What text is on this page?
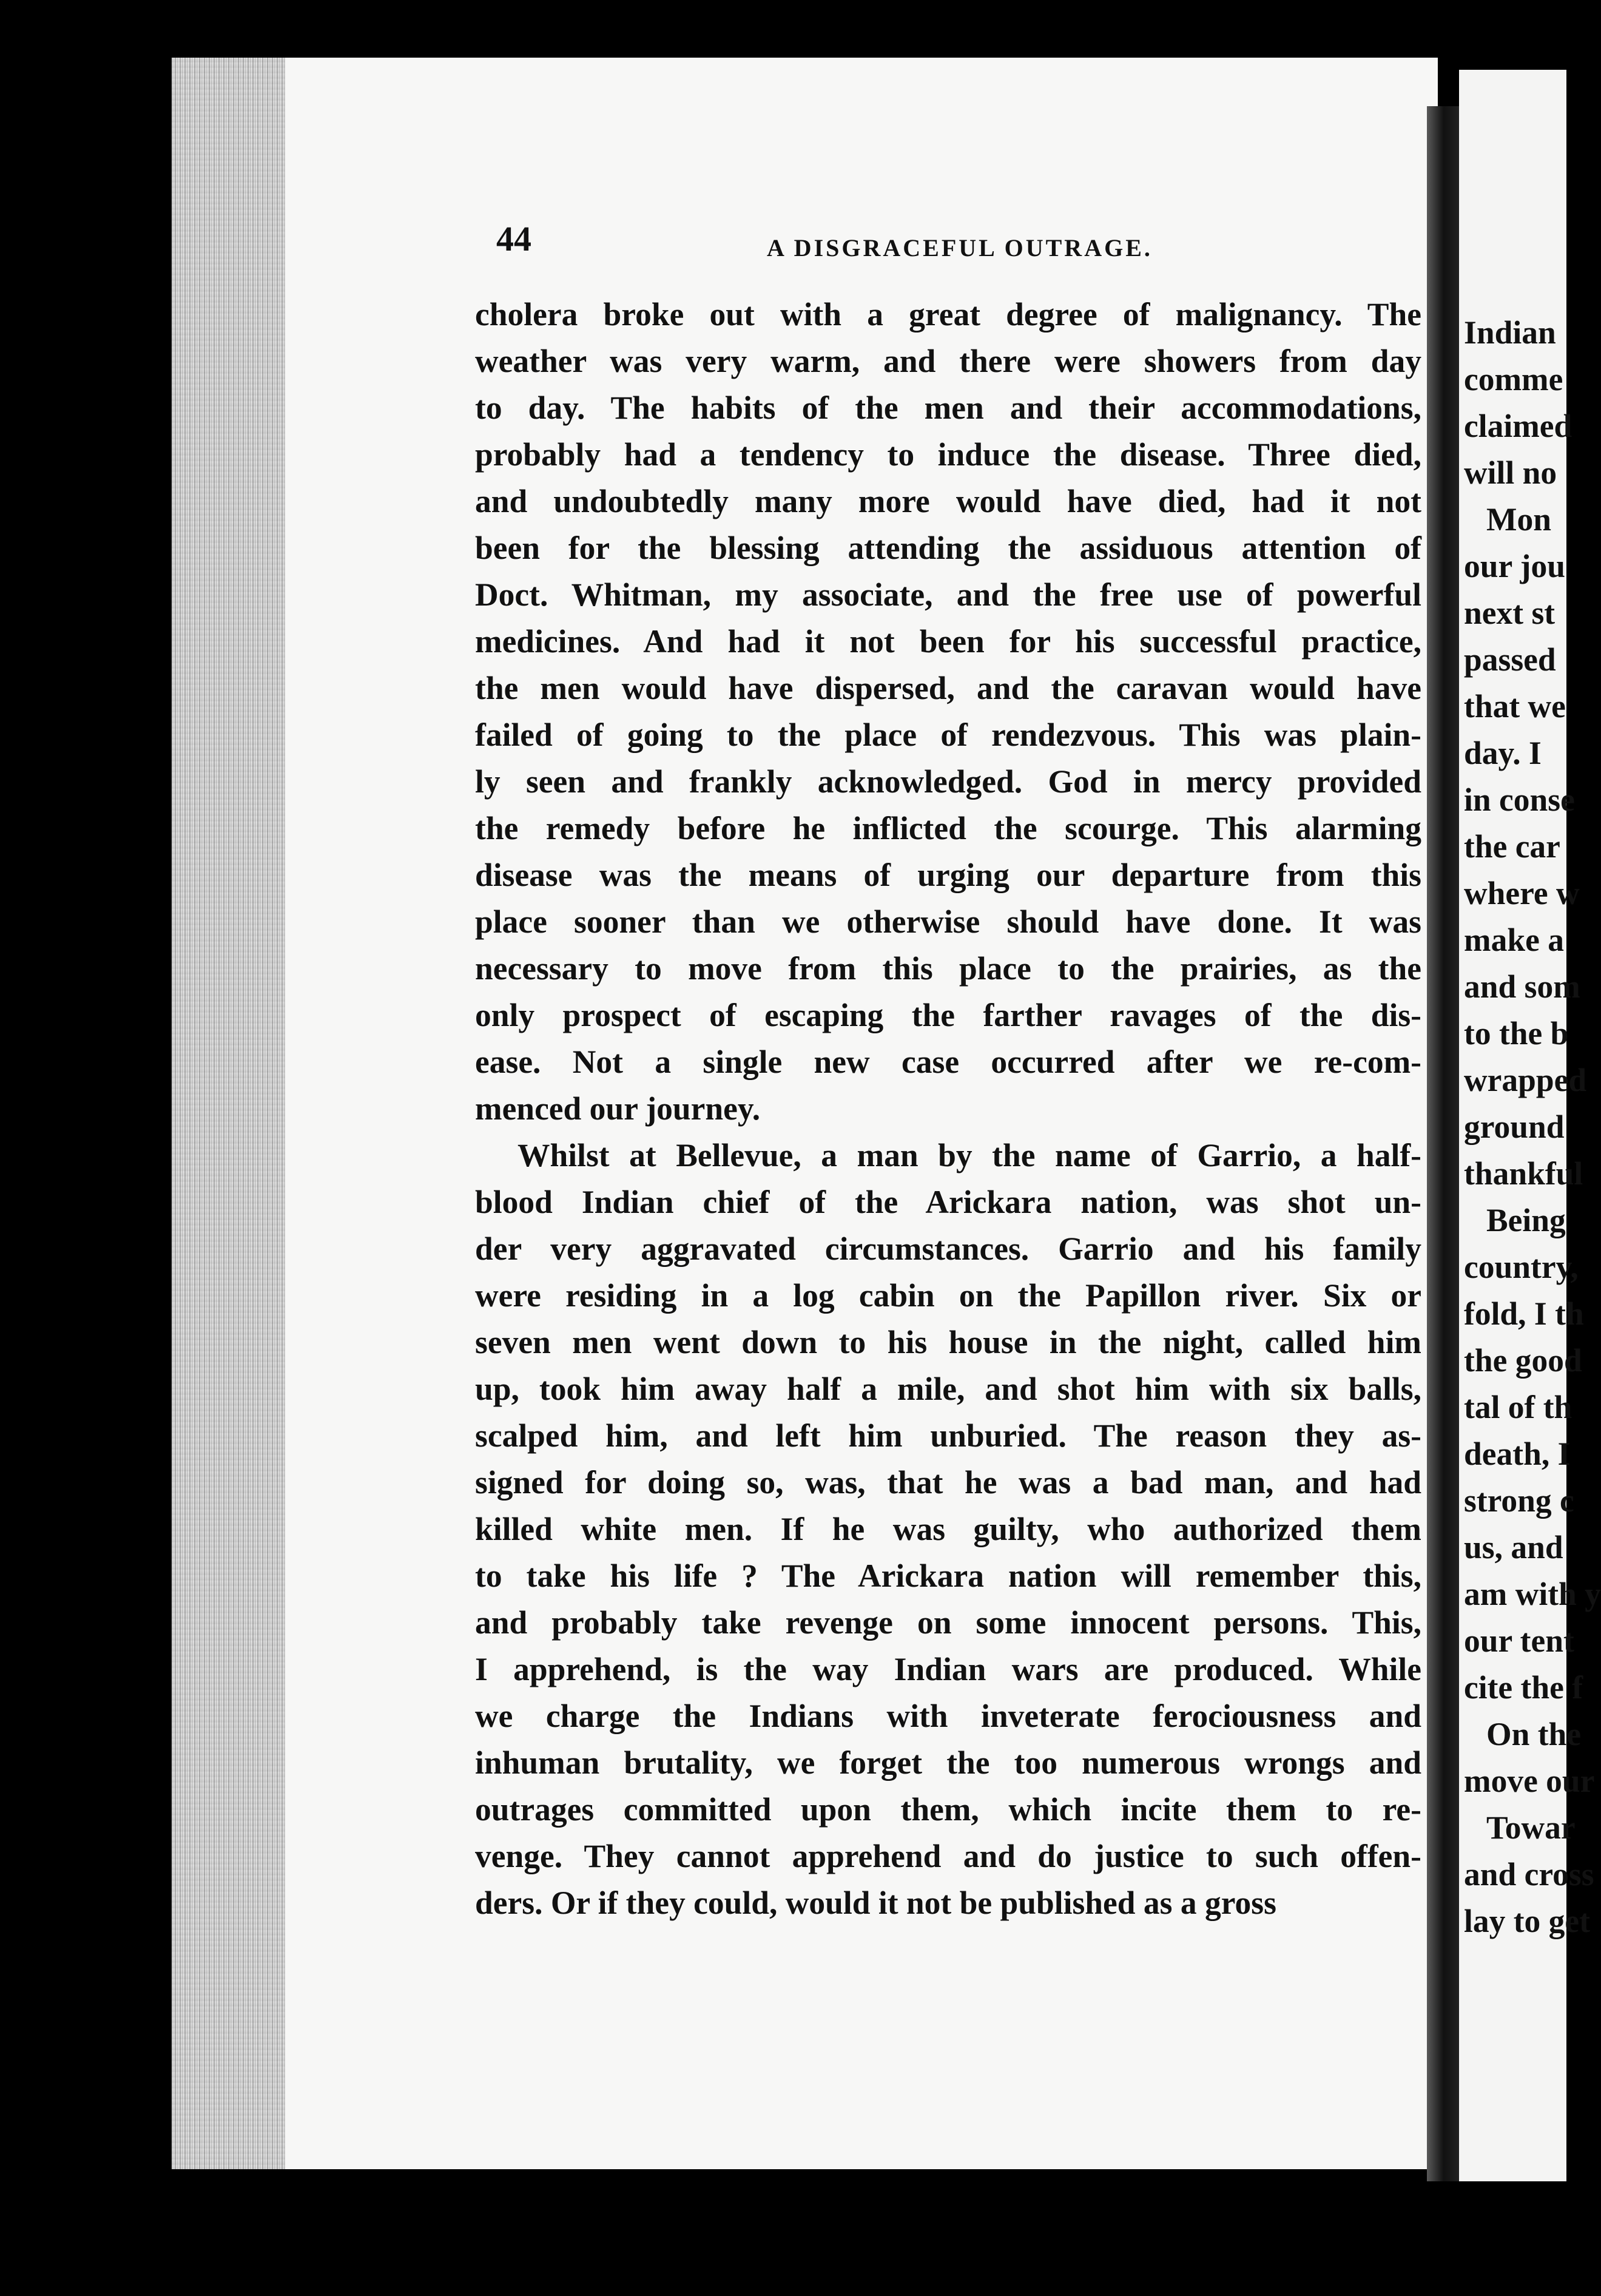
Indian
comme
claimed
will no
Mon
our jou
next st
passed
that we
day. I
in conse
the car
where w
make a
and som
to the b
wrapped
ground
thankful
Being
country,
fold, I th
the good
tal of th
death, I
strong c
us, and
am with y
our tent
cite the f
On the
move our
Towar
and cross
lay to get
44	A DISGRACEFUL OUTRAGE.
cholera broke out with a great degree of malignancy. The
weather was very warm, and there were showers from day
to day. The habits of the men and their accommodations,
probably had a tendency to induce the disease. Three died,
and undoubtedly many more would have died, had it not
been for the blessing attending the assiduous attention of
Doct. Whitman, my associate, and the free use of powerful
medicines. And had it not been for his successful practice,
the men would have dispersed, and the caravan would have
failed of going to the place of rendezvous. This was plain-
ly seen and frankly acknowledged. God in mercy provided
the remedy before he inflicted the scourge. This alarming
disease was the means of urging our departure from this
place sooner than we otherwise should have done. It was
necessary to move from this place to the prairies, as the
only prospect of escaping the farther ravages of the dis-
ease. Not a single new case occurred after we re-com-
menced our journey.
Whilst at Bellevue, a man by the name of Garrio, a half-
blood Indian chief of the Arickara nation, was shot un-
der very aggravated circumstances. Garrio and his family
were residing in a log cabin on the Papillon river. Six or
seven men went down to his house in the night, called him
up, took him away half a mile, and shot him with six balls,
scalped him, and left him unburied. The reason they as-
signed for doing so, was, that he was a bad man, and had
killed white men. If he was guilty, who authorized them
to take his life ? The Arickara nation will remember this,
and probably take revenge on some innocent persons. This,
I apprehend, is the way Indian wars are produced. While
we charge the Indians with inveterate ferociousness and
inhuman brutality, we forget the too numerous wrongs and
outrages committed upon them, which incite them to re-
venge. They cannot apprehend and do justice to such offen-
ders. Or if they could, would it not be published as a gross
